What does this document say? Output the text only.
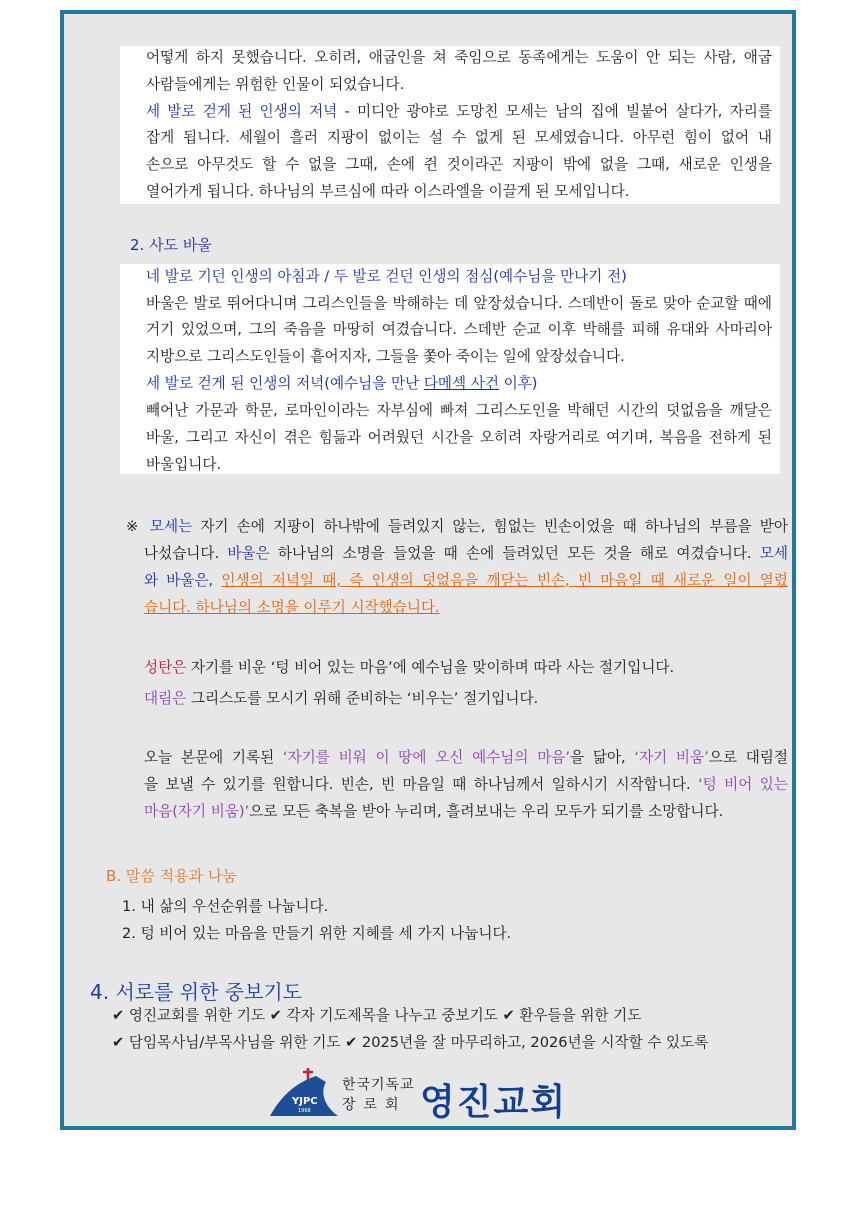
어떻게 하지 못했습니다. 오히려, 애굽인을 쳐 죽임으로 동족에게는 도움이 안 되는 사람, 애굽
사람들에게는 위험한 인물이 되었습니다.
세 발로 걷게 된 인생의 저녁 - 미디안 광야로 도망친 모세는 남의 집에 빌붙어 살다가, 자리를
잡게 됩니다. 세월이 흘러 지팡이 없이는 설 수 없게 된 모세였습니다. 아무런 힘이 없어 내
손으로 아무것도 할 수 없을 그때, 손에 쥔 것이라곤 지팡이 밖에 없을 그때, 새로운 인생을
열어가게 됩니다. 하나님의 부르심에 따라 이스라엘을 이끌게 된 모세입니다.
2. 사도 바울
네 발로 기던 인생의 아침과 / 두 발로 걷던 인생의 점심(예수님을 만나기 전)
바울은 발로 뛰어다니며 그리스인들을 박해하는 데 앞장섰습니다. 스데반이 돌로 맞아 순교할 때에
거기 있었으며, 그의 죽음을 마땅히 여겼습니다. 스데반 순교 이후 박해를 피해 유대와 사마리아
지방으로 그리스도인들이 흩어지자, 그들을 쫓아 죽이는 일에 앞장섰습니다.
세 발로 걷게 된 인생의 저녁(예수님을 만난 다메섹 사건 이후)
빼어난 가문과 학문, 로마인이라는 자부심에 빠져 그리스도인을 박해던 시간의 덧없음을 깨달은
바울, 그리고 자신이 겪은 힘듦과 어려웠던 시간을 오히려 자랑거리로 여기며, 복음을 전하게 된
바울입니다.
※ 모세는 자기 손에 지팡이 하나밖에 들려있지 않는, 힘없는 빈손이었을 때 하나님의 부름을 받아
나섰습니다. 바울은 하나님의 소명을 들었을 때 손에 들려있던 모든 것을 해로 여겼습니다. 모세
와 바울은, 인생의 저녁일 때, 즉 인생의 덧없음을 깨닫는 빈손, 빈 마음일 때 새로운 일이 열렸
습니다. 하나님의 소명을 이루기 시작했습니다.
성탄은 자기를 비운 ‘텅 비어 있는 마음’에 예수님을 맞이하며 따라 사는 절기입니다.
대림은 그리스도를 모시기 위해 준비하는 ‘비우는’ 절기입니다.
오늘 본문에 기록된 ‘자기를 비워 이 땅에 오신 예수님의 마음’을 닮아, ‘자기 비움’으로 대림절
을 보낼 수 있기를 원합니다. 빈손, 빈 마음일 때 하나님께서 일하시기 시작합니다. ‘텅 비어 있는
마음(자기 비움)’으로 모든 축복을 받아 누리며, 흘려보내는 우리 모두가 되기를 소망합니다.
B. 말씀 적용과 나눔
1. 내 삶의 우선순위를 나눕니다.
2. 텅 비어 있는 마음을 만들기 위한 지혜를 세 가지 나눕니다.
4. 서로를 위한 중보기도
✔ 영진교회를 위한 기도 ✔ 각자 기도제목을 나누고 중보기도 ✔ 환우들을 위한 기도
✔ 담임목사님/부목사님을 위한 기도 ✔ 2025년을 잘 마무리하고, 2026년을 시작할 수 있도록
YJPC
1968
한국기독교
장로회 영진교회
